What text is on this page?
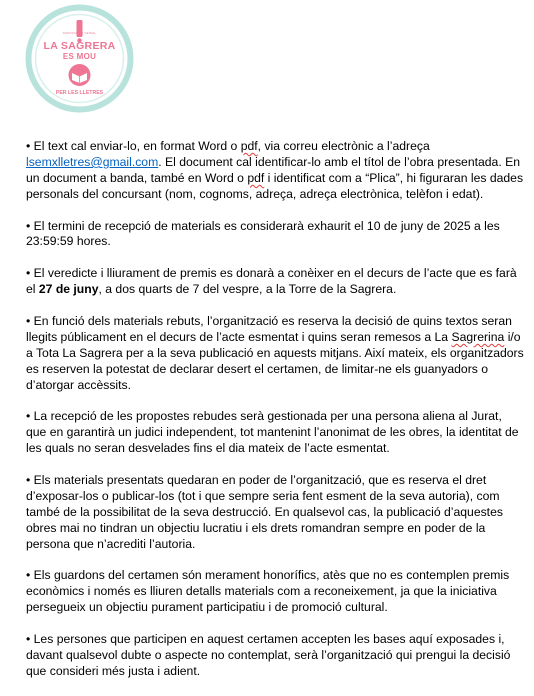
ASSOCIACIÓ VEÏNAL
LA SAGRERA
ES MOU
PER LES LLETRES

• El text cal enviar-lo, en format Word o pdf, via correu electrònic a l’adreça lsemxlletres@gmail.com. El document cal identificar-lo amb el títol de l’obra presentada. En un document a banda, també en Word o pdf i identificat com a “Plica”, hi figuraran les dades personals del concursant (nom, cognoms, adreça, adreça electrònica, telèfon i edat).

• El termini de recepció de materials es considerarà exhaurit el 10 de juny de 2025 a les 23:59:59 hores.

• El veredicte i lliurament de premis es donarà a conèixer en el decurs de l’acte que es farà el 27 de juny, a dos quarts de 7 del vespre, a la Torre de la Sagrera.

• En funció dels materials rebuts, l’organització es reserva la decisió de quins textos seran llegits públicament en el decurs de l’acte esmentat i quins seran remesos a La Sagrerina i/o a Tota La Sagrera per a la seva publicació en aquests mitjans. Així mateix, els organitzadors es reserven la potestat de declarar desert el certamen, de limitar-ne els guanyadors o d’atorgar accèssits.

• La recepció de les propostes rebudes serà gestionada per una persona aliena al Jurat, que en garantirà un judici independent, tot mantenint l’anonimat de les obres, la identitat de les quals no seran desvelades fins el dia mateix de l’acte esmentat.

• Els materials presentats quedaran en poder de l’organització, que es reserva el dret d’exposar-los o publicar-los (tot i que sempre seria fent esment de la seva autoria), com també de la possibilitat de la seva destrucció. En qualsevol cas, la publicació d’aquestes obres mai no tindran un objectiu lucratiu i els drets romandran sempre en poder de la persona que n’acrediti l’autoria.

• Els guardons del certamen són merament honorífics, atès que no es contemplen premis econòmics i només es lliuren detalls materials com a reconeixement, ja que la iniciativa persegueix un objectiu purament participatiu i de promoció cultural.

• Les persones que participen en aquest certamen accepten les bases aquí exposades i, davant qualsevol dubte o aspecte no contemplat, serà l’organització qui prengui la decisió que consideri més justa i adient.
